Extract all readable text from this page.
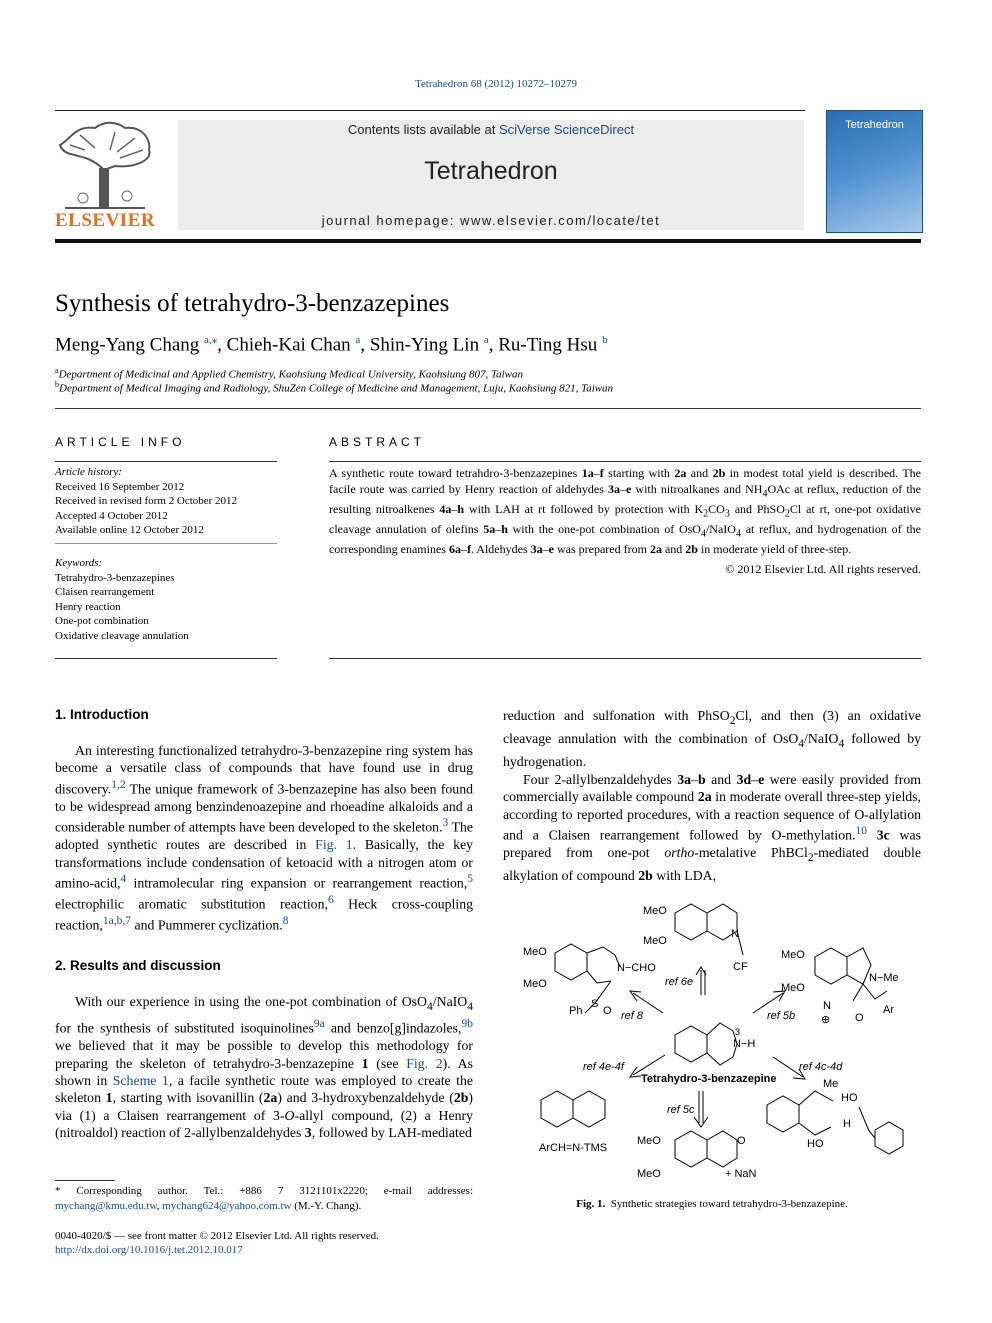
Tetrahedron 68 (2012) 10272–10279
ELSEVIER
Contents lists available at SciVerse ScienceDirect
Tetrahedron
journal homepage: www.elsevier.com/locate/tet
Tetrahedron
Synthesis of tetrahydro-3-benzazepines
Meng-Yang Chang $^{a,⁎}$, Chieh-Kai Chan $^a$, Shin-Ying Lin $^a$, Ru-Ting Hsu $^b$
$^a$Department of Medicinal and Applied Chemistry, Kaohsiung Medical University, Kaohsiung 807, Taiwan
$^b$Department of Medical Imaging and Radiology, ShuZen College of Medicine and Management, Luju, Kaohsiung 821, Taiwan
ARTICLE INFO
Article history:
Received 16 September 2012
Received in revised form 2 October 2012
Accepted 4 October 2012
Available online 12 October 2012
Keywords:
Tetrahydro-3-benzazepines
Claisen rearrangement
Henry reaction
One-pot combination
Oxidative cleavage annulation
ABSTRACT
A synthetic route toward tetrahdro-3-benzazepines 1a–f starting with 2a and 2b in modest total yield is described. The facile route was carried by Henry reaction of aldehydes 3a–e with nitroalkanes and $NH_4OAc$ at reflux, reduction of the resulting nitroalkenes 4a–h with LAH at rt followed by protection with $K_2CO_3$ and PhSO$_2$Cl at rt, one-pot oxidative cleavage annulation of olefins 5a–h with the one-pot combination of OsO$_4$/NaIO$_4$ at reflux, and hydrogenation of the corresponding enamines 6a–f. Aldehydes 3a–e was prepared from 2a and 2b in moderate yield of three-step.
© 2012 Elsevier Ltd. All rights reserved.
1. Introduction

An interesting functionalized tetrahydro-3-benzazepine ring system has become a versatile class of compounds that have found use in drug discovery.$^{1,2}$ The unique framework of 3-benzazepine has also been found to be widespread among benzindenoazepine and rhoeadine alkaloids and a considerable number of attempts have been developed to the skeleton.$^3$ The adopted synthetic routes are described in Fig. 1. Basically, the key transformations include condensation of ketoacid with a nitrogen atom or amino-acid,$^4$ intramolecular ring expansion or rearrangement reaction,$^5$ electrophilic aromatic substitution reaction,$^6$ Heck cross-coupling reaction,$^{1a,b,7}$ and Pummerer cyclization.$^8$

2. Results and discussion

With our experience in using the one-pot combination of OsO$_4$/NaIO$_4$ for the synthesis of substituted isoquinolines$^{9a}$ and benzo[g]indazoles,$^{9b}$ we believed that it may be possible to develop this methodology for preparing the skeleton of tetrahydro-3-benzazepine 1 (see Fig. 2). As shown in Scheme 1, a facile synthetic route was employed to create the skeleton 1, starting with isovanillin (2a) and 3-hydroxybenzaldehyde (2b) via (1) a Claisen rearrangement of 3-O-allyl compound, (2) a Henry (nitroaldol) reaction of 2-allylbenzaldehydes 3, followed by LAH-mediated

reduction and sulfonation with PhSO$_2$Cl, and then (3) an oxidative cleavage annulation with the combination of OsO$_4$/NaIO$_4$ followed by hydrogenation.

Four 2-allylbenzaldehydes 3a–b and 3d–e were easily provided from commercially available compound 2a in moderate overall three-step yields, according to reported procedures, with a reaction sequence of O-allylation and a Claisen rearrangement followed by O-methylation.$^{10}$ 3c was prepared from one-pot ortho-metalative PhBCl$_2$-mediated double alkylation of compound 2b with LDA,

MeO
MeO
N
CF
MeO
MeO
N−CHO
S
Ph O
3
N−H
Tetrahydro-3-benzazepine
MeO
MeO
N−Me
N
⊕ O
Ar
ArCH=N-TMS
MeO
MeO	+ NaN
O
Me
HO
H
HO
ref 6e
ref 8	ref 5b
ref 4e-4f	ref 4c-4d
ref 5c
Fig. 1. Synthetic strategies toward tetrahydro-3-benzazepine.
* Corresponding author. Tel.: +886 7 3121101x2220; e-mail addresses: mychang@kmu.edu.tw, mychang624@yahoo.com.tw (M.-Y. Chang).
0040-4020/$ — see front matter © 2012 Elsevier Ltd. All rights reserved.
http://dx.doi.org/10.1016/j.tet.2012.10.017
